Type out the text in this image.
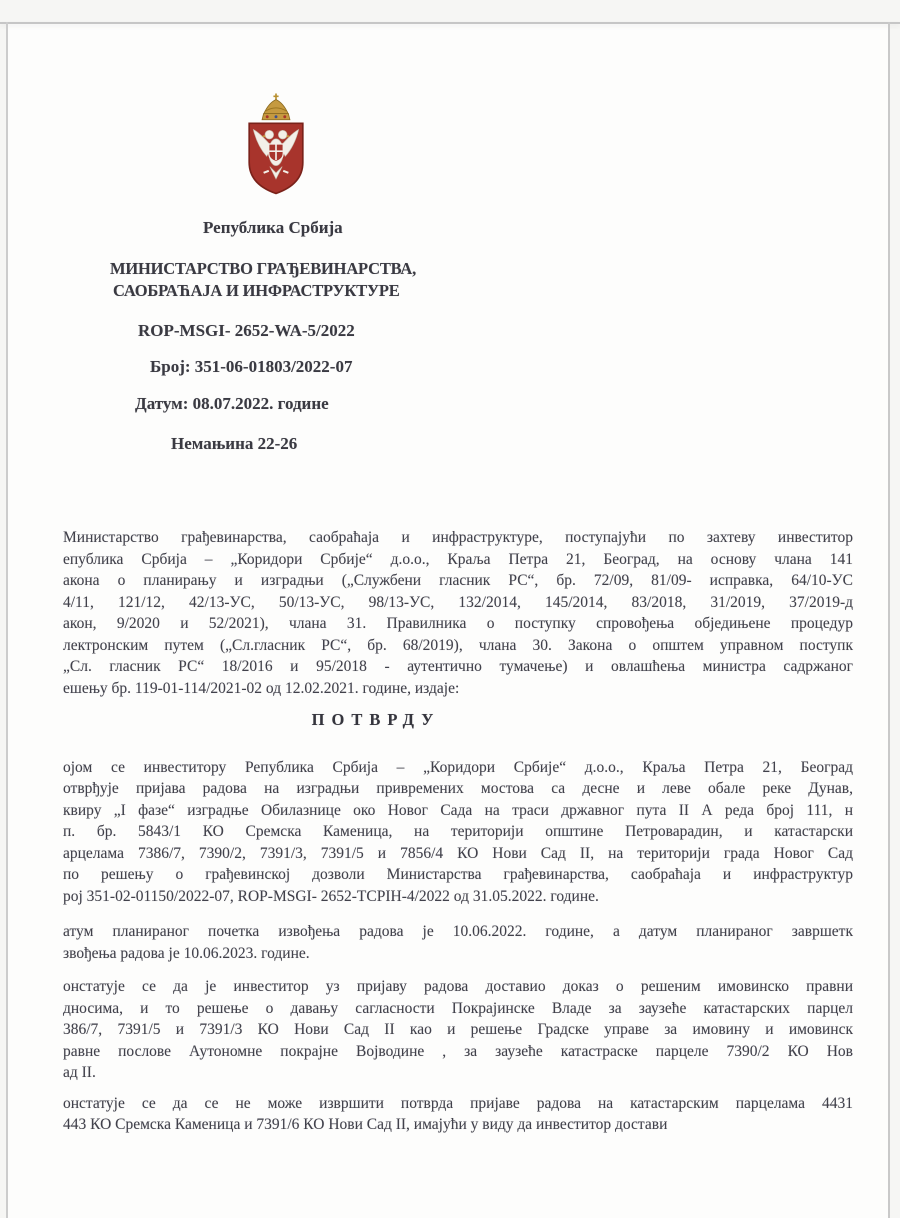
Република Србија
МИНИСТАРСТВО ГРАЂЕВИНАРСТВА,
САОБРАЋАЈА И ИНФРАСТРУКТУРЕ
ROP-MSGI- 2652-WA-5/2022
Број: 351-06-01803/2022-07
Датум: 08.07.2022. године
Немањина 22-26
Министарство грађевинарства, саобраћаја и инфраструктуре, поступајући по захтеву инвеститор
епублика Србија – „Коридори Србије“ д.о.о., Краља Петра 21, Београд, на основу члана 141
акона о планирању и изградњи („Службени гласник РС“, бр. 72/09, 81/09- исправка, 64/10-УС
4/11, 121/12, 42/13-УС, 50/13-УС, 98/13-УС, 132/2014, 145/2014, 83/2018, 31/2019, 37/2019-д
акон, 9/2020 и 52/2021), члана 31. Правилника о поступку спровођења обједињене процедур
лектронским путем („Сл.гласник РС“, бр. 68/2019), члана 30. Закона о општем управном поступк
„Сл. гласник РС“ 18/2016 и 95/2018 - аутентично тумачење) и овлашћења министра садржаног
ешењу бр. 119-01-114/2021-02 од 12.02.2021. године, издаје:
ПОТВРДУ
ојом се инвеститору Република Србија – „Коридори Србије“ д.о.о., Краља Петра 21, Београд
отврђује пријава радова на изградњи привремених мостова са десне и леве обале реке Дунав,
квиру „I фазе“ изградње Обилазнице око Новог Сада на траси државног пута II А реда број 111, н
п. бр. 5843/1 КО Сремска Каменица, на територији општине Петроварадин, и катастарски
арцелама 7386/7, 7390/2, 7391/3, 7391/5 и 7856/4 КО Нови Сад II, на територији града Новог Сад
по решењу о грађевинској дозволи Министарства грађевинарства, саобраћаја и инфраструктур
рој 351-02-01150/2022-07, ROP-MSGI- 2652-ТСРIН-4/2022 од 31.05.2022. године.
атум планираног почетка извођења радова је 10.06.2022. године, а датум планираног завршетк
звођења радова је 10.06.2023. године.
онстатује се да је инвеститор уз пријаву радова доставио доказ о решеним имовинско правни
дносима, и то решење о давању сагласности Покрајинске Владе за заузеће катастарских парцел
386/7, 7391/5 и 7391/3 КО Нови Сад II као и решење Градске управе за имовину и имовинск
равне послове Аутономне покрајне Војводине , за заузеће катастраске парцеле 7390/2 КО Нов
ад II.
онстатује се да се не може извршити потврда пријаве радова на катастарским парцелама 4431
443 КО Сремска Каменица и 7391/6 КО Нови Сад II, имајући у виду да инвеститор достави
